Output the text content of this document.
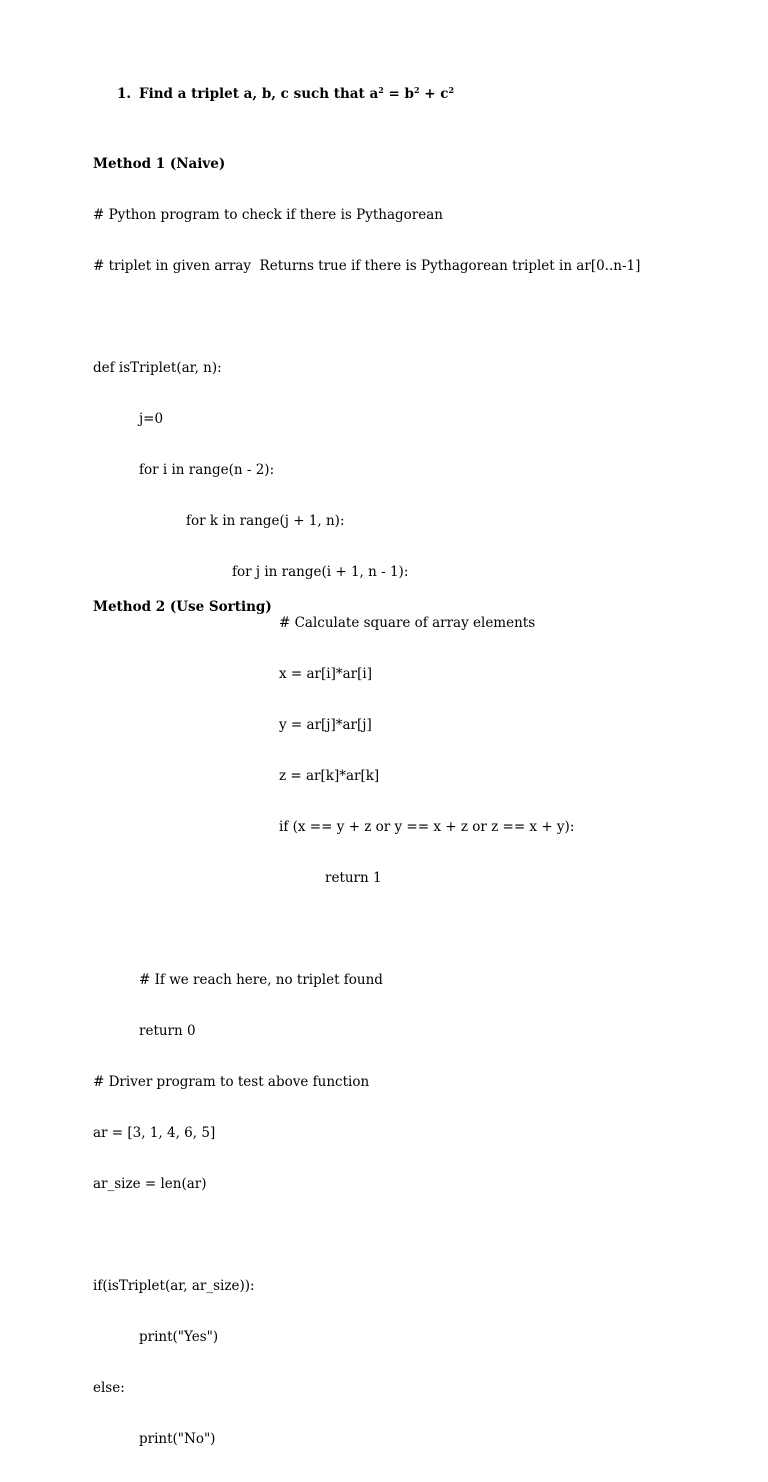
1. Find a triplet a, b, c such that $a^2 = b^2 + c^2$

Method 1 (Naive)

# Python program to check if there is Pythagorean

# triplet in given array  Returns true if there is Pythagorean triplet in ar[0..n-1]

def isTriplet(ar, n):

j=0

for i in range(n - 2):

for k in range(j + 1, n):

for j in range(i + 1, n - 1):

# Calculate square of array elements

x = ar[i]*ar[i]

y = ar[j]*ar[j]

z = ar[k]*ar[k]

if (x == y + z or y == x + z or z == x + y):

return 1

# If we reach here, no triplet found

return 0

# Driver program to test above function

ar = [3, 1, 4, 6, 5]

ar_size = len(ar)

if(isTriplet(ar, ar_size)):

print("Yes")

else:

print("No")

Method 2 (Use Sorting)
